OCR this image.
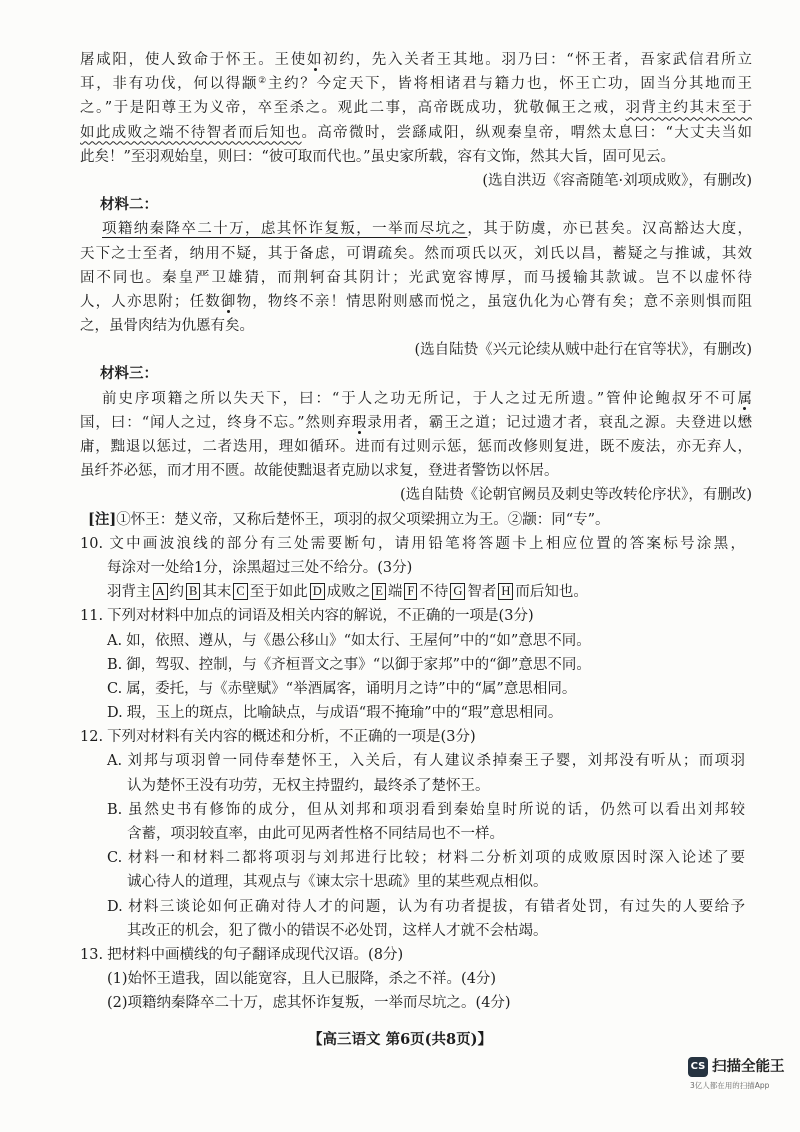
屠咸阳，使人致命于怀王。王使如初约，先入关者王其地。羽乃曰：“怀王者，吾家武信君所立
耳，非有功伐，何以得颛②主约？今定天下，皆将相诸君与籍力也，怀王亡功，固当分其地而王
之。”于是阳尊王为义帝，卒至杀之。观此二事，高帝既成功，犹敬佩王之戒，羽背主约其末至于
如此成败之端不待智者而后知也。高帝微时，尝繇咸阳，纵观秦皇帝，喟然太息曰：“大丈夫当如
此矣！”至羽观始皇，则曰：“彼可取而代也。”虽史家所载，容有文饰，然其大旨，固可见云。
(选自洪迈《容斋随笔·刘项成败》，有删改)
材料二：
项籍纳秦降卒二十万，虑其怀诈复叛，一举而尽坑之，其于防虞，亦已甚矣。汉高豁达大度，
天下之士至者，纳用不疑，其于备虑，可谓疏矣。然而项氏以灭，刘氏以昌，蓄疑之与推诚，其效
固不同也。秦皇严卫雄猜，而荆轲奋其阴计；光武宽容博厚，而马援输其款诚。岂不以虚怀待
人，人亦思附；任数御物，物终不亲！情思附则感而悦之，虽寇仇化为心膂有矣；意不亲则惧而阻
之，虽骨肉结为仇慝有矣。
(选自陆贽《兴元论续从贼中赴行在官等状》，有删改)
材料三：
前史序项籍之所以失天下，曰：“于人之功无所记，于人之过无所遗。”管仲论鲍叔牙不可属
国，曰：“闻人之过，终身不忘。”然则弃瑕录用者，霸王之道；记过遗才者，衰乱之源。夫登进以懋
庸，黜退以惩过，二者迭用，理如循环。进而有过则示惩，惩而改修则复进，既不废法，亦无弃人，
虽纤芥必惩，而才用不匮。故能使黜退者克励以求复，登进者警饬以怀居。
(选自陆贽《论朝官阙员及刺史等改转伦序状》，有删改)
[注]①怀王：楚义帝，又称后楚怀王，项羽的叔父项梁拥立为王。②颛：同“专”。
10. 文中画波浪线的部分有三处需要断句，请用铅笔将答题卡上相应位置的答案标号涂黑，
每涂对一处给1分，涂黑超过三处不给分。(3分)
羽背主 A 约 B 其末 C 至于如此 D 成败之 E 端 F 不待 G 智者 H 而后知也。
11. 下列对材料中加点的词语及相关内容的解说，不正确的一项是(3分)
A. 如，依照、遵从，与《愚公移山》“如太行、王屋何”中的“如”意思不同。
B. 御，驾驭、控制，与《齐桓晋文之事》“以御于家邦”中的“御”意思不同。
C. 属，委托，与《赤壁赋》“举酒属客，诵明月之诗”中的“属”意思相同。
D. 瑕，玉上的斑点，比喻缺点，与成语“瑕不掩瑜”中的“瑕”意思相同。
12. 下列对材料有关内容的概述和分析，不正确的一项是(3分)
A. 刘邦与项羽曾一同侍奉楚怀王，入关后，有人建议杀掉秦王子婴，刘邦没有听从；而项羽
认为楚怀王没有功劳，无权主持盟约，最终杀了楚怀王。
B. 虽然史书有修饰的成分，但从刘邦和项羽看到秦始皇时所说的话，仍然可以看出刘邦较
含蓄，项羽较直率，由此可见两者性格不同结局也不一样。
C. 材料一和材料二都将项羽与刘邦进行比较；材料二分析刘项的成败原因时深入论述了要
诚心待人的道理，其观点与《谏太宗十思疏》里的某些观点相似。
D. 材料三谈论如何正确对待人才的问题，认为有功者提拔，有错者处罚，有过失的人要给予
其改正的机会，犯了微小的错误不必处罚，这样人才就不会枯竭。
13. 把材料中画横线的句子翻译成现代汉语。(8分)
(1)始怀王遣我，固以能宽容，且人已服降，杀之不祥。(4分)
(2)项籍纳秦降卒二十万，虑其怀诈复叛，一举而尽坑之。(4分)
【高三语文 第6页(共8页)】
CS 扫描全能王
3亿人都在用的扫描App
